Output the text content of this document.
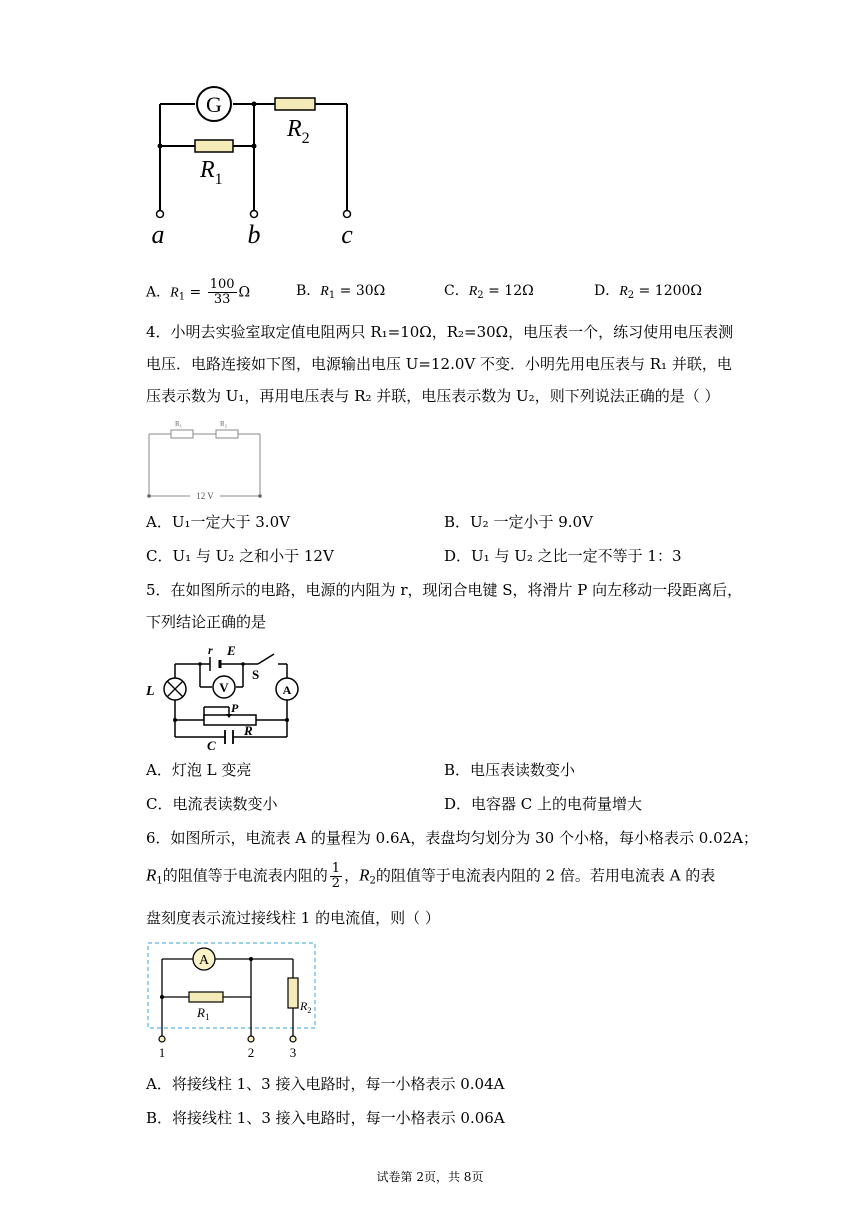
G
$R_2$
$R_1$
a	b	c
A．$R_1 = \frac{100}{33}$ Ω	B．$R_1 = 30\Omega$	C．$R_2 = 12\Omega$	D．$R_2 = 1200\Omega$
4．小明去实验室取定值电阻两只 R₁=10Ω，R₂=30Ω，电压表一个，练习使用电压表测
电压．电路连接如下图，电源输出电压 U=12.0V 不变．小明先用电压表与 R₁ 并联，电
压表示数为 U₁，再用电压表与 R₂ 并联，电压表示数为 U₂，则下列说法正确的是（ ）
R₁	R₂
12 V
A．U₁一定大于 3.0V	B．U₂ 一定小于 9.0V
C．U₁ 与 U₂ 之和小于 12V	D．U₁ 与 U₂ 之比一定不等于 1：3
5．在如图所示的电路，电源的内阻为 r，现闭合电键 S，将滑片 P 向左移动一段距离后，
下列结论正确的是
V	A
r E
S
L
P
R
C
A．灯泡 L 变亮	B．电压表读数变小
C．电流表读数变小	D．电容器 C 上的电荷量增大
6．如图所示，电流表 A 的量程为 0.6A，表盘均匀划分为 30 个小格，每小格表示 0.02A；
$R_1$的阻值等于电流表内阻的 $\frac{1}{2}$ ，$R_2$的阻值等于电流表内阻的 2 倍。若用电流表 A 的表
盘刻度表示流过接线柱 1 的电流值，则（ ）
A
$R_1$
$R_2$
1	2	3
A．将接线柱 1、3 接入电路时，每一小格表示 0.04A
B．将接线柱 1、3 接入电路时，每一小格表示 0.06A
试卷第 2页，共 8页
